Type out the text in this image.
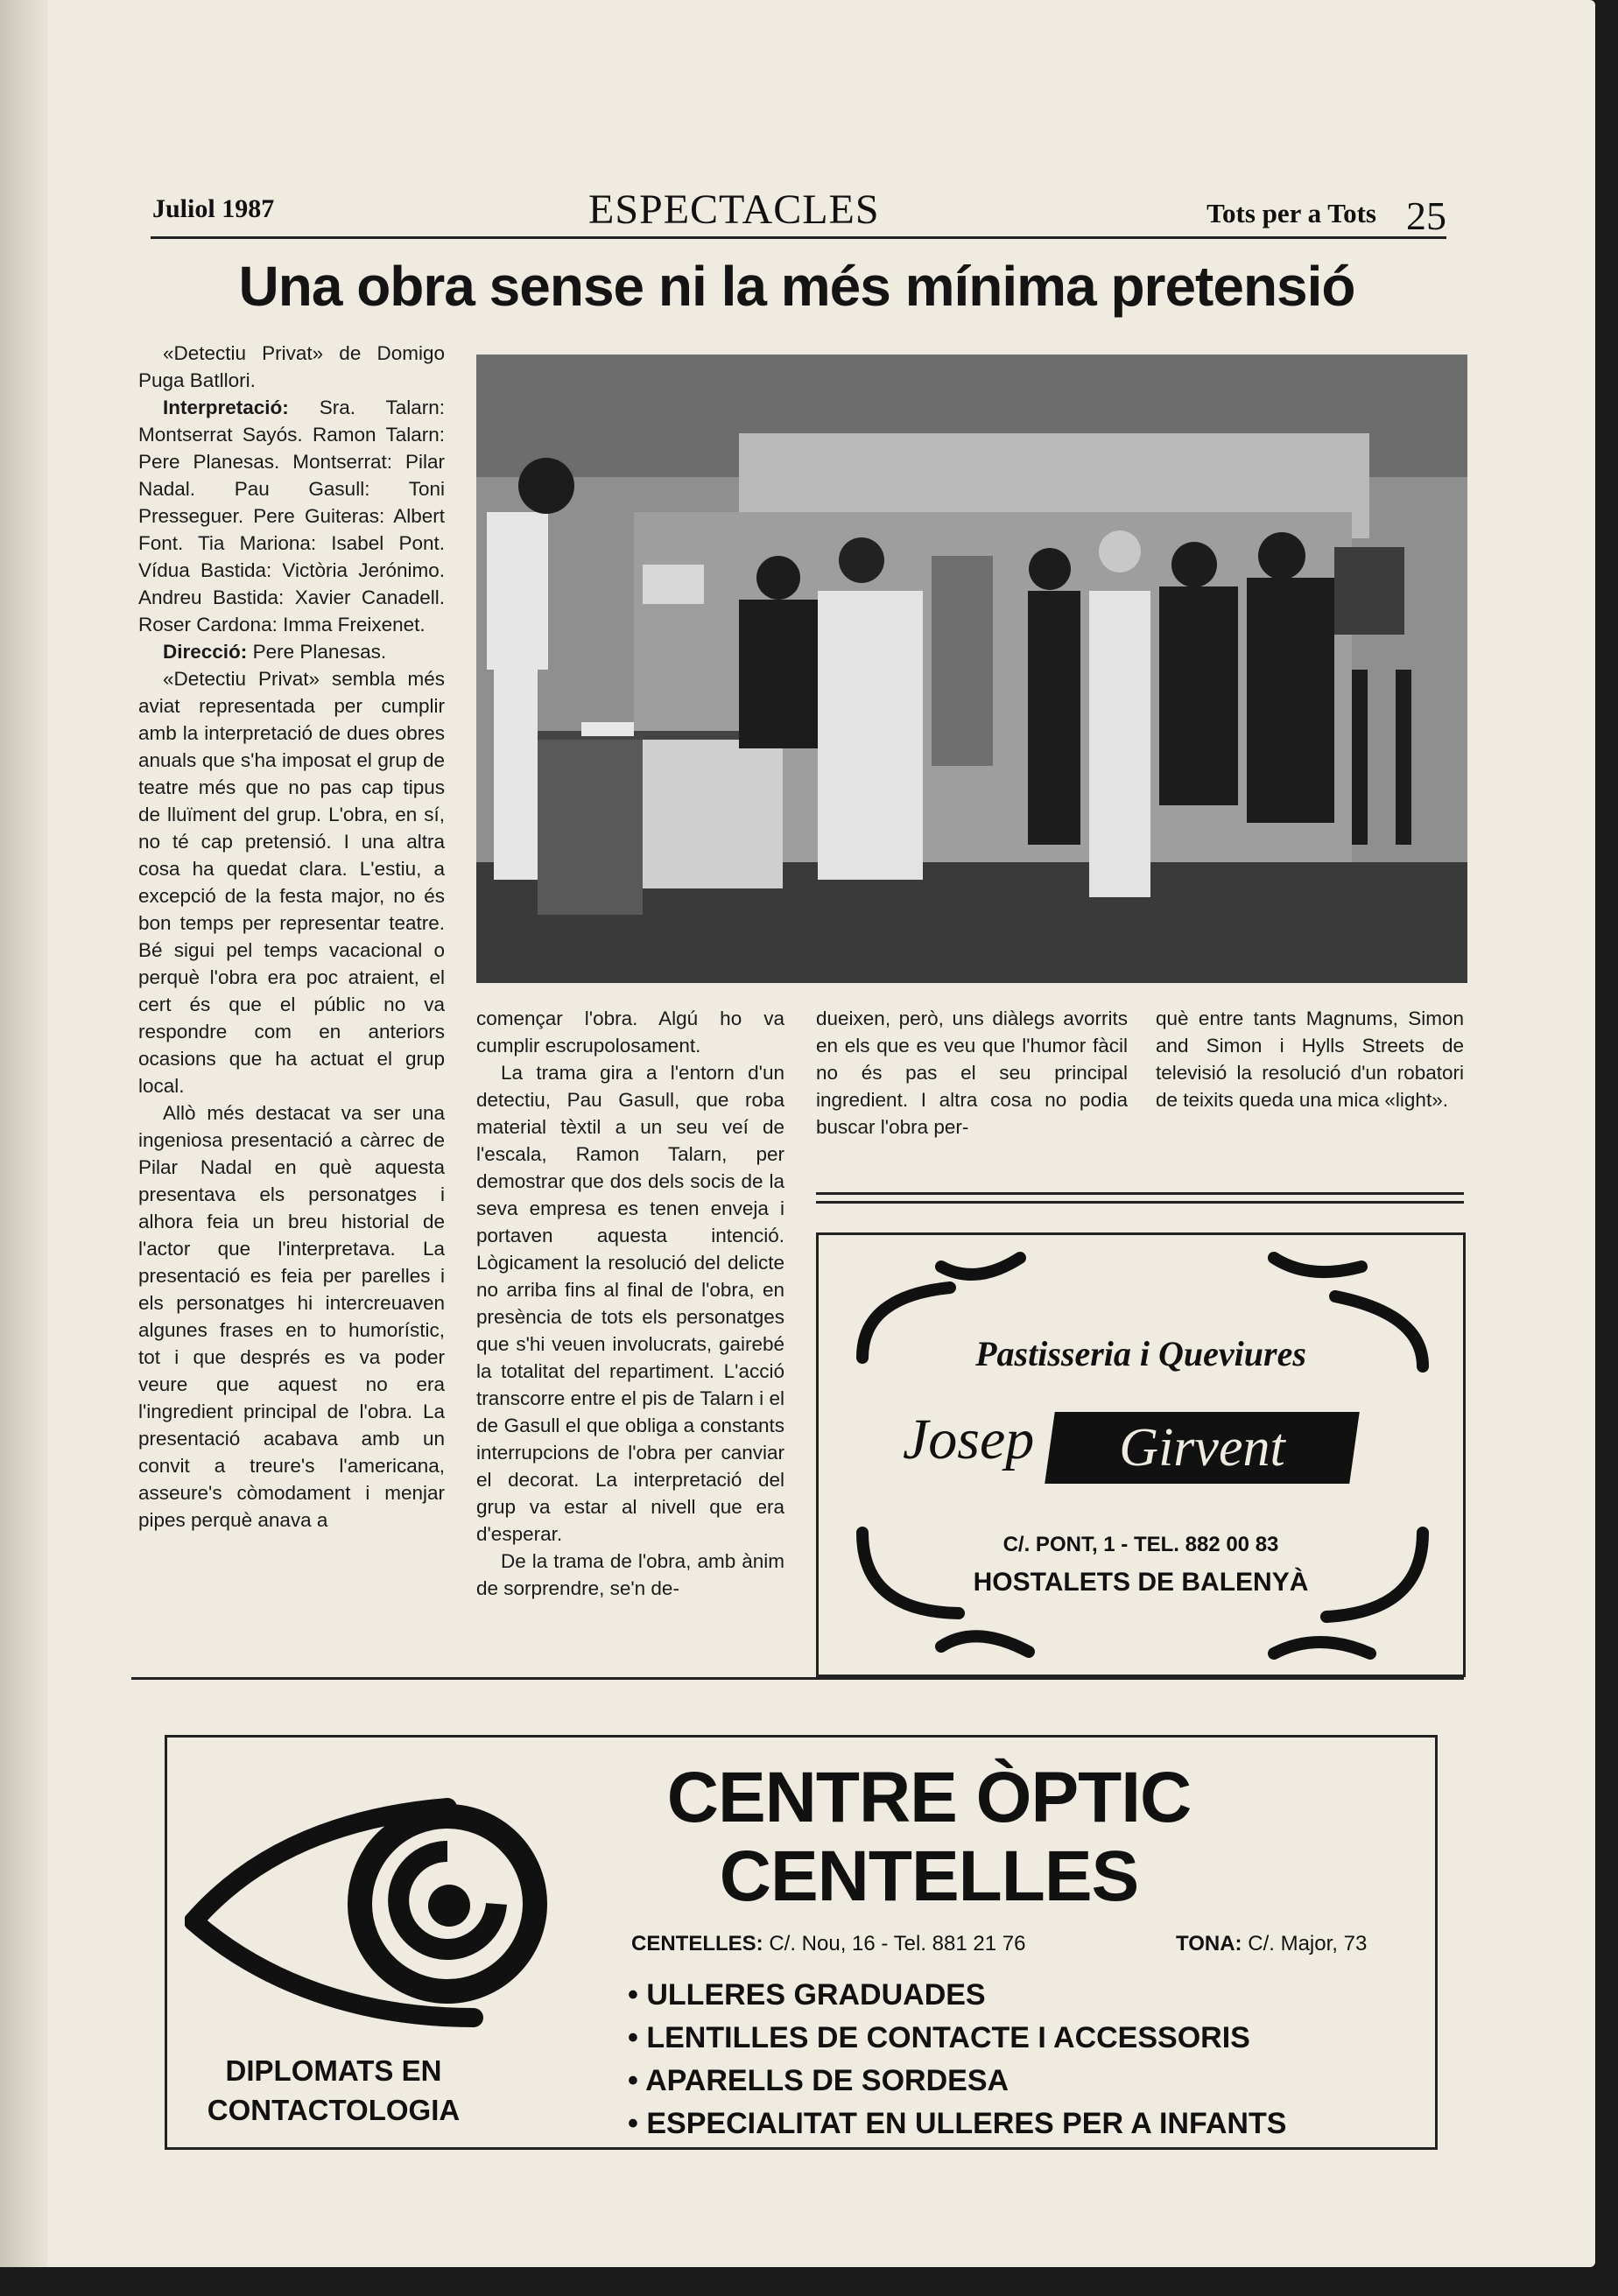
Juliol 1987	ESPECTACLES	Tots per a Tots 25
Una obra sense ni la més mínima pretensió

«Detectiu Privat» de Domigo Puga Batllori.

Interpretació: Sra. Talarn: Montserrat Sayós. Ramon Talarn: Pere Planesas. Montserrat: Pilar Nadal. Pau Gasull: Toni Presseguer. Pere Guiteras: Albert Font. Tia Mariona: Isabel Pont. Vídua Bastida: Victòria Jerónimo. Andreu Bastida: Xavier Canadell. Roser Cardona: Imma Freixenet.

Direcció: Pere Planesas.

«Detectiu Privat» sembla més aviat representada per cumplir amb la interpretació de dues obres anuals que s'ha imposat el grup de teatre més que no pas cap tipus de lluïment del grup. L'obra, en sí, no té cap pretensió. I una altra cosa ha quedat clara. L'estiu, a excepció de la festa major, no és bon temps per representar teatre. Bé sigui pel temps vacacional o perquè l'obra era poc atraient, el cert és que el públic no va respondre com en anteriors ocasions que ha actuat el grup local.

Allò més destacat va ser una ingeniosa presentació a càrrec de Pilar Nadal en què aquesta presentava els personatges i alhora feia un breu historial de l'actor que l'interpretava. La presentació es feia per parelles i els personatges hi intercreuaven algunes frases en to humorístic, tot i que després es va poder veure que aquest no era l'ingredient principal de l'obra. La presentació acabava amb un convit a treure's l'americana, asseure's còmodament i menjar pipes perquè anava a

començar l'obra. Algú ho va cumplir escrupolosament.

La trama gira a l'entorn d'un detectiu, Pau Gasull, que roba material tèxtil a un seu veí de l'escala, Ramon Talarn, per demostrar que dos dels socis de la seva empresa es tenen enveja i portaven aquesta intenció. Lògicament la resolució del delicte no arriba fins al final de l'obra, en presència de tots els personatges que s'hi veuen involucrats, gairebé la totalitat del repartiment. L'acció transcorre entre el pis de Talarn i el de Gasull el que obliga a constants interrupcions de l'obra per canviar el decorat. La interpretació del grup va estar al nivell que era d'esperar.

De la trama de l'obra, amb ànim de sorprendre, se'n de-

dueixen, però, uns diàlegs avorrits en els que es veu que l'humor fàcil no és pas el seu principal ingredient. I altra cosa no podia buscar l'obra per-

què entre tants Magnums, Simon and Simon i Hylls Streets de televisió la resolució d'un robatori de teixits queda una mica «light».

Pastisseria i Queviures
Josep	Girvent
C/. PONT, 1 - TEL. 882 00 83
HOSTALETS DE BALENYÀ
CENTRE ÒPTIC
CENTELLES
CENTELLES: C/. Nou, 16 - Tel. 881 21 76	TONA: C/. Major, 73
• ULLERES GRADUADES
• LENTILLES DE CONTACTE I ACCESSORIS
• APARELLS DE SORDESA
• ESPECIALITAT EN ULLERES PER A INFANTS
DIPLOMATS EN
CONTACTOLOGIA
